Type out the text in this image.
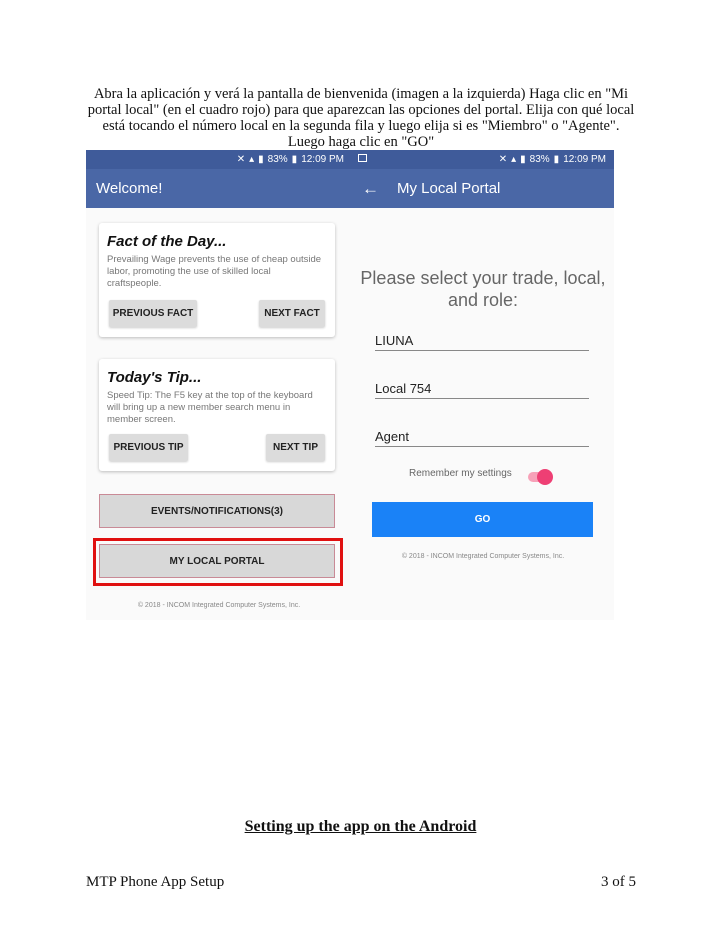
Abra la aplicación y verá la pantalla de bienvenida (imagen a la izquierda) Haga clic en "Mi portal local" (en el cuadro rojo) para que aparezcan las opciones del portal. Elija con qué local está tocando el número local en la segunda fila y luego elija si es "Miembro" o "Agente". Luego haga clic en "GO"
✕ ▴ ▮ 83% ▮ 12:09 PM
Welcome!
Fact of the Day...

Prevailing Wage prevents the use of cheap outside labor, promoting the use of skilled local craftspeople.

PREVIOUS FACT	NEXT FACT
Today's Tip...

Speed Tip: The F5 key at the top of the keyboard will bring up a new member search menu in member screen.

PREVIOUS TIP	NEXT TIP
EVENTS/NOTIFICATIONS(3)
MY LOCAL PORTAL
© 2018 - INCOM Integrated Computer Systems, Inc.
✕ ▴ ▮ 83% ▮ 12:09 PM
← My Local Portal
Please select your trade, local, and role:
LIUNA
Local 754
Agent
Remember my settings
GO
© 2018 - INCOM Integrated Computer Systems, Inc.
Setting up the app on the Android
MTP Phone App Setup	3 of 5
